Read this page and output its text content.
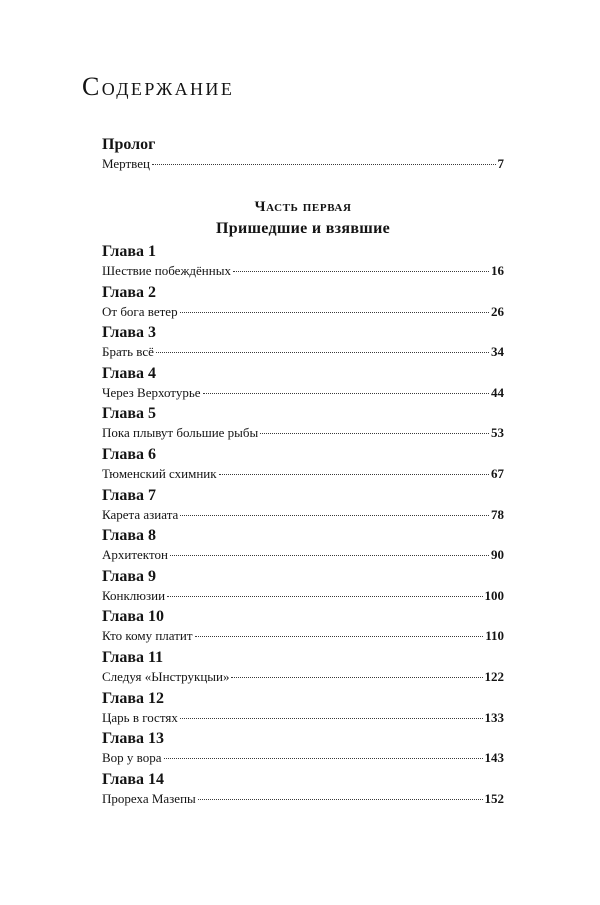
Содержание
Пролог
Мертвец	7
Часть первая
Пришедшие и взявшие
Глава 1
Шествие побеждённых	16
Глава 2
От бога ветер	26
Глава 3
Брать всё	34
Глава 4
Через Верхотурье	44
Глава 5
Пока плывут большие рыбы	53
Глава 6
Тюменский схимник	67
Глава 7
Карета азиата	78
Глава 8
Архитектон	90
Глава 9
Конклюзии	100
Глава 10
Кто кому платит	110
Глава 11
Следуя «Ынструкцыи»	122
Глава 12
Царь в гостях	133
Глава 13
Вор у вора	143
Глава 14
Прореха Мазепы	152
